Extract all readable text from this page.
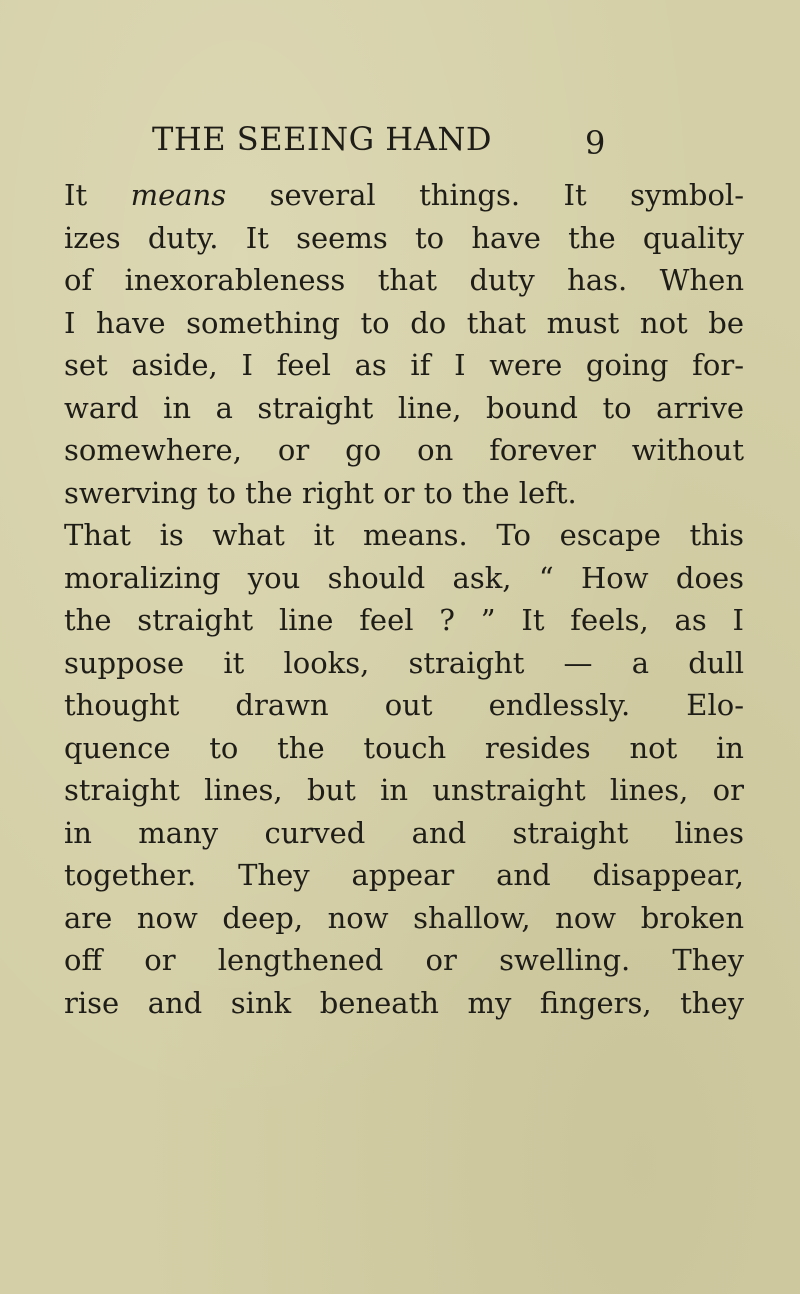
THE SEEING HAND	9
It means several things. It symbol-
izes duty. It seems to have the quality
of inexorableness that duty has. When
I have something to do that must not be
set aside, I feel as if I were going for-
ward in a straight line, bound to arrive
somewhere, or go on forever without
swerving to the right or to the left.
That is what it means. To escape this
moralizing you should ask, “ How does
the straight line feel ? ” It feels, as I
suppose it looks, straight — a dull
thought drawn out endlessly. Elo-
quence to the touch resides not in
straight lines, but in unstraight lines, or
in many curved and straight lines
together. They appear and disappear,
are now deep, now shallow, now broken
off or lengthened or swelling. They
rise and sink beneath my fingers, they
